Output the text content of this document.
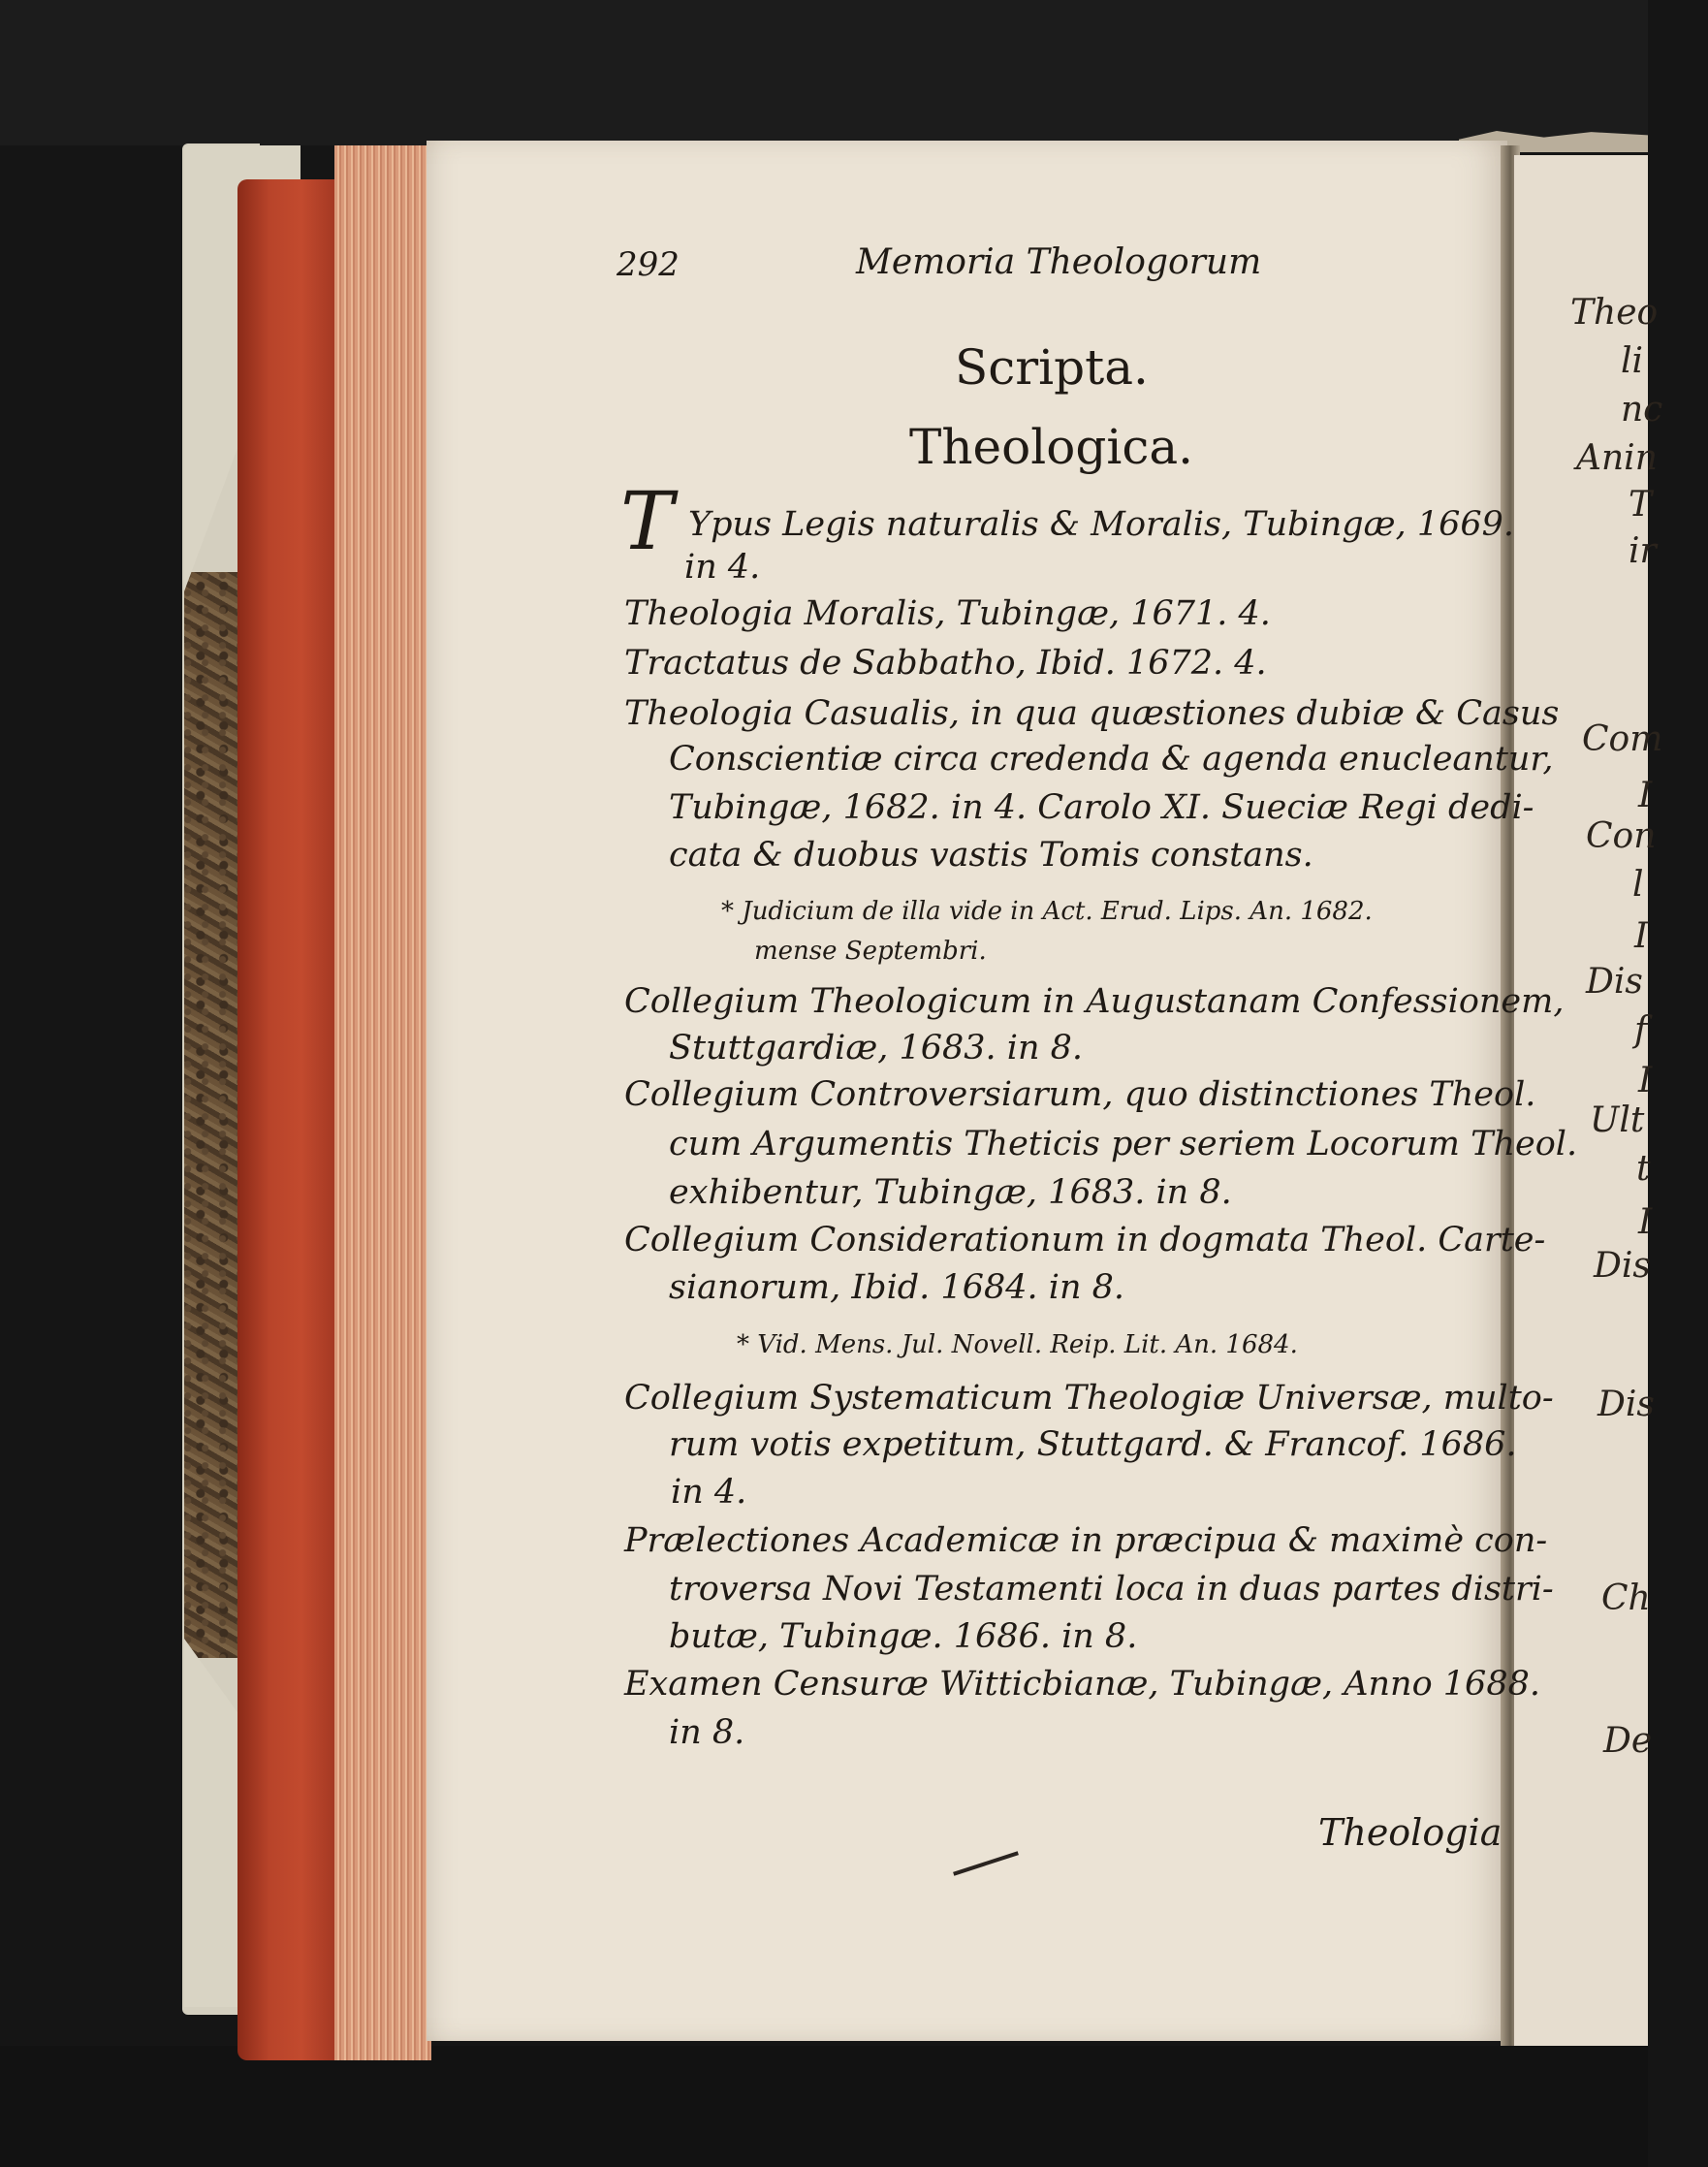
292	Memoria Theologorum
Scripta.
Theologica.
T Ypus Legis naturalis & Moralis, Tubingæ, 1669.
in 4.
Theologia Moralis, Tubingæ, 1671. 4.
Tractatus de Sabbatho, Ibid. 1672. 4.
Theologia Casualis, in qua quæstiones dubiæ & Casus
Conscientiæ circa credenda & agenda enucleantur,
Tubingæ, 1682. in 4. Carolo XI. Sueciæ Regi dedi-
cata & duobus vastis Tomis constans.
* Judicium de illa vide in Act. Erud. Lips. An. 1682.
mense Septembri.
Collegium Theologicum in Augustanam Confessionem,
Stuttgardiæ, 1683. in 8.
Collegium Controversiarum, quo distinctiones Theol.
cum Argumentis Theticis per seriem Locorum Theol.
exhibentur, Tubingæ, 1683. in 8.
Collegium Considerationum in dogmata Theol. Carte-
sianorum, Ibid. 1684. in 8.
* Vid. Mens. Jul. Novell. Reip. Lit. An. 1684.
Collegium Systematicum Theologiæ Universæ, multo-
rum votis expetitum, Stuttgard. & Francof. 1686.
in 4.
Prælectiones Academicæ in præcipua & maximè con-
troversa Novi Testamenti loca in duas partes distri-
butæ, Tubingæ. 1686. in 8.
Examen Censuræ Witticbianæ, Tubingæ, Anno 1688.
in 8.
Theologia
Theo
li
nc
Anin
T
ir
Com
I
Con
l
I
Dis
f
I
Ult
t
I
Dis
Dis
Ch
De
